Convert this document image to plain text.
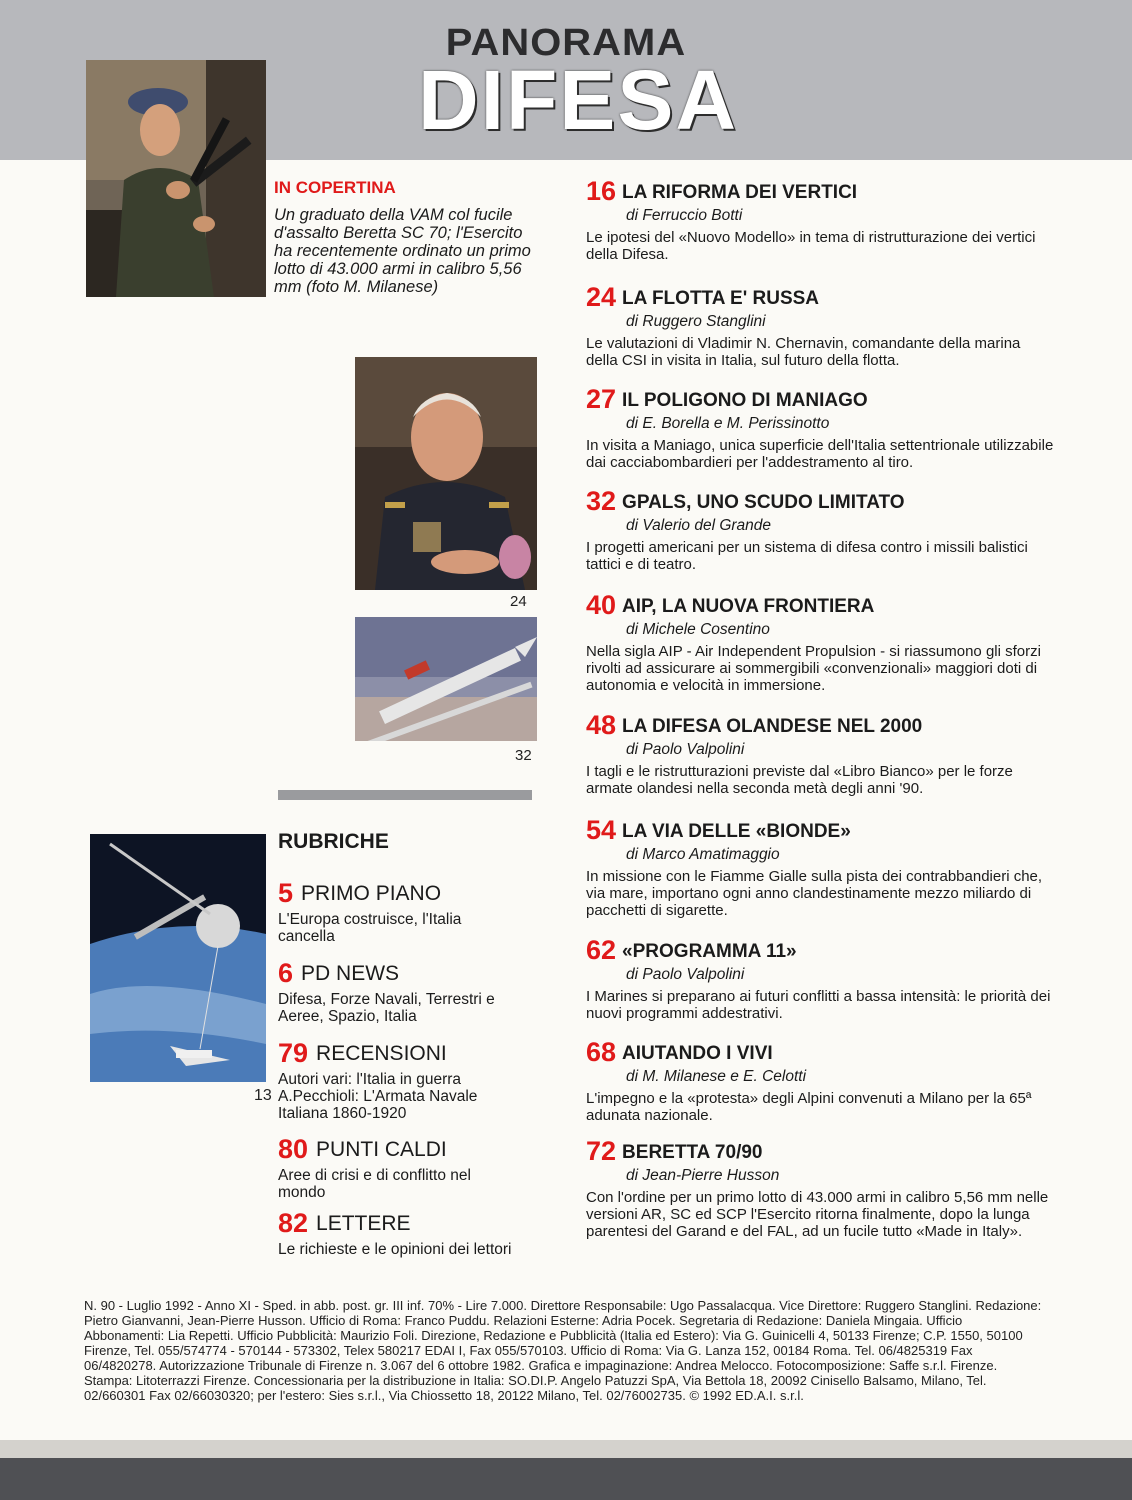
PANORAMA
DIFESA
IN COPERTINA
Un graduato della VAM col fucile d'assalto Beretta SC 70; l'Esercito ha recentemente ordinato un primo lotto di 43.000 armi in calibro 5,56 mm (foto M. Milanese)
24
32
16 LA RIFORMA DEI VERTICI
di Ferruccio Botti
Le ipotesi del «Nuovo Modello» in tema di ristrutturazione dei vertici della Difesa.
24 LA FLOTTA E' RUSSA
di Ruggero Stanglini
Le valutazioni di Vladimir N. Chernavin, comandante della marina della CSI in visita in Italia, sul futuro della flotta.
27 IL POLIGONO DI MANIAGO
di E. Borella e M. Perissinotto
In visita a Maniago, unica superficie dell'Italia settentrionale utilizzabile dai cacciabombardieri per l'addestramento al tiro.
32 GPALS, UNO SCUDO LIMITATO
di Valerio del Grande
I progetti americani per un sistema di difesa contro i missili balistici tattici e di teatro.
40 AIP, LA NUOVA FRONTIERA
di Michele Cosentino
Nella sigla AIP - Air Independent Propulsion - si riassumono gli sforzi rivolti ad assicurare ai sommergibili «convenzionali» maggiori doti di autonomia e velocità in immersione.
48 LA DIFESA OLANDESE NEL 2000
di Paolo Valpolini
I tagli e le ristrutturazioni previste dal «Libro Bianco» per le forze armate olandesi nella seconda metà degli anni '90.
54 LA VIA DELLE «BIONDE»
di Marco Amatimaggio
In missione con le Fiamme Gialle sulla pista dei contrabbandieri che, via mare, importano ogni anno clandestinamente mezzo miliardo di pacchetti di sigarette.
62 «PROGRAMMA 11»
di Paolo Valpolini
I Marines si preparano ai futuri conflitti a bassa intensità: le priorità dei nuovi programmi addestrativi.
68 AIUTANDO I VIVI
di M. Milanese e E. Celotti
L'impegno e la «protesta» degli Alpini convenuti a Milano per la 65ª adunata nazionale.
72 BERETTA 70/90
di Jean-Pierre Husson
Con l'ordine per un primo lotto di 43.000 armi in calibro 5,56 mm nelle versioni AR, SC ed SCP l'Esercito ritorna finalmente, dopo la lunga parentesi del Garand e del FAL, ad un fucile tutto «Made in Italy».
13
RUBRICHE
5 PRIMO PIANO
L'Europa costruisce, l'Italia cancella
6 PD NEWS
Difesa, Forze Navali, Terrestri e Aeree, Spazio, Italia
79 RECENSIONI
Autori vari: l'Italia in guerra A.Pecchioli: L'Armata Navale Italiana 1860-1920
80 PUNTI CALDI
Aree di crisi e di conflitto nel mondo
82 LETTERE
Le richieste e le opinioni dei lettori
N. 90 - Luglio 1992 - Anno XI - Sped. in abb. post. gr. III inf. 70% - Lire 7.000. Direttore Responsabile: Ugo Passalacqua. Vice Direttore: Ruggero Stanglini. Redazione: Pietro Gianvanni, Jean-Pierre Husson. Ufficio di Roma: Franco Puddu. Relazioni Esterne: Adria Pocek. Segretaria di Redazione: Daniela Mingaia. Ufficio Abbonamenti: Lia Repetti. Ufficio Pubblicità: Maurizio Foli. Direzione, Redazione e Pubblicità (Italia ed Estero): Via G. Guinicelli 4, 50133 Firenze; C.P. 1550, 50100 Firenze, Tel. 055/574774 - 570144 - 573302, Telex 580217 EDAI I, Fax 055/570103. Ufficio di Roma: Via G. Lanza 152, 00184 Roma. Tel. 06/4825319 Fax 06/4820278. Autorizzazione Tribunale di Firenze n. 3.067 del 6 ottobre 1982. Grafica e impaginazione: Andrea Melocco. Fotocomposizione: Saffe s.r.l. Firenze. Stampa: Litoterrazzi Firenze. Concessionaria per la distribuzione in Italia: SO.DI.P. Angelo Patuzzi SpA, Via Bettola 18, 20092 Cinisello Balsamo, Milano, Tel. 02/660301 Fax 02/66030320; per l'estero: Sies s.r.l., Via Chiossetto 18, 20122 Milano, Tel. 02/76002735. © 1992 ED.A.I. s.r.l.
